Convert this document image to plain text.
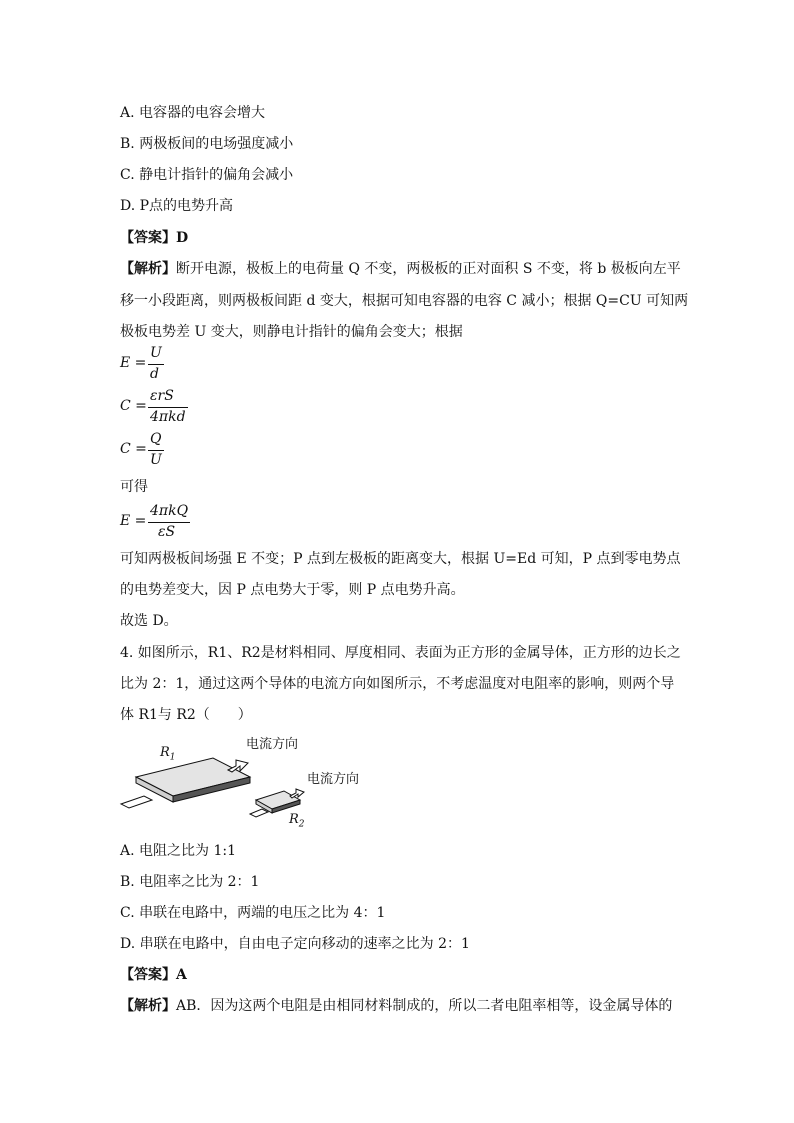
A. 电容器的电容会增大
B. 两极板间的电场强度减小
C. 静电计指针的偏角会减小
D. P点的电势升高
【答案】D
【解析】断开电源，极板上的电荷量 Q 不变，两极板的正对面积 S 不变，将 b 极板向左平
移一小段距离，则两极板间距 d 变大，根据可知电容器的电容 C 减小；根据 Q=CU 可知两
极板电势差 U 变大，则静电计指针的偏角会变大；根据
E =
U
d
C =
εrS
4πkd
C =
Q
U
可得
E =
4πkQ
εS
可知两极板间场强 E 不变；P 点到左极板的距离变大，根据 U=Ed 可知，P 点到零电势点
的电势差变大，因 P 点电势大于零，则 P 点电势升高。
故选 D。
4. 如图所示，R1、R2是材料相同、厚度相同、表面为正方形的金属导体，正方形的边长之
比为 2：1，通过这两个导体的电流方向如图所示，不考虑温度对电阻率的影响，则两个导
体 R1与 R2（　　）
$R_1$
电流方向
电流方向
$R_2$
A. 电阻之比为 1:1
B. 电阻率之比为 2：1
C. 串联在电路中，两端的电压之比为 4：1
D. 串联在电路中，自由电子定向移动的速率之比为 2：1
【答案】A
【解析】AB．因为这两个电阻是由相同材料制成的，所以二者电阻率相等，设金属导体的
